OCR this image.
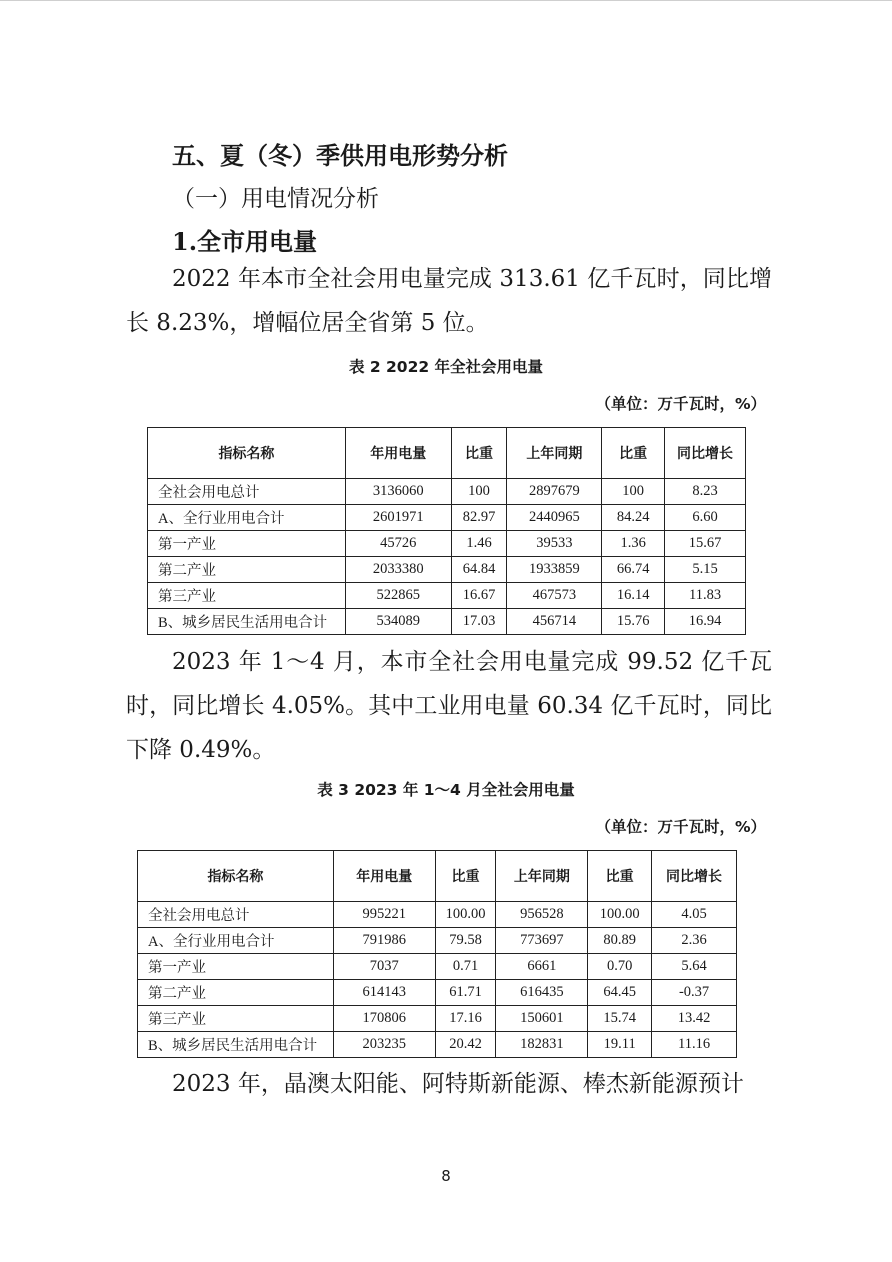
五、夏（冬）季供用电形势分析
（一）用电情况分析
1.全市用电量

2022 年本市全社会用电量完成 313.61 亿千瓦时，同比增长 8.23%，增幅位居全省第 5 位。

表 2 2022 年全社会用电量
（单位：万千瓦时，%）
指标名称	年用电量	比重	上年同期	比重	同比增长
全社会用电总计	3136060	100	2897679	100	8.23
A、全行业用电合计	2601971	82.97	2440965	84.24	6.60
第一产业	45726	1.46	39533	1.36	15.67
第二产业	2033380	64.84	1933859	66.74	5.15
第三产业	522865	16.67	467573	16.14	11.83
B、城乡居民生活用电合计	534089	17.03	456714	15.76	16.94

2023 年 1～4 月，本市全社会用电量完成 99.52 亿千瓦时，同比增长 4.05%。其中工业用电量 60.34 亿千瓦时，同比下降 0.49%。

表 3 2023 年 1～4 月全社会用电量
（单位：万千瓦时，%）
指标名称	年用电量	比重	上年同期	比重	同比增长
全社会用电总计	995221	100.00	956528	100.00	4.05
A、全行业用电合计	791986	79.58	773697	80.89	2.36
第一产业	7037	0.71	6661	0.70	5.64
第二产业	614143	61.71	616435	64.45	-0.37
第三产业	170806	17.16	150601	15.74	13.42
B、城乡居民生活用电合计	203235	20.42	182831	19.11	11.16

2023 年，晶澳太阳能、阿特斯新能源、棒杰新能源预计

8
